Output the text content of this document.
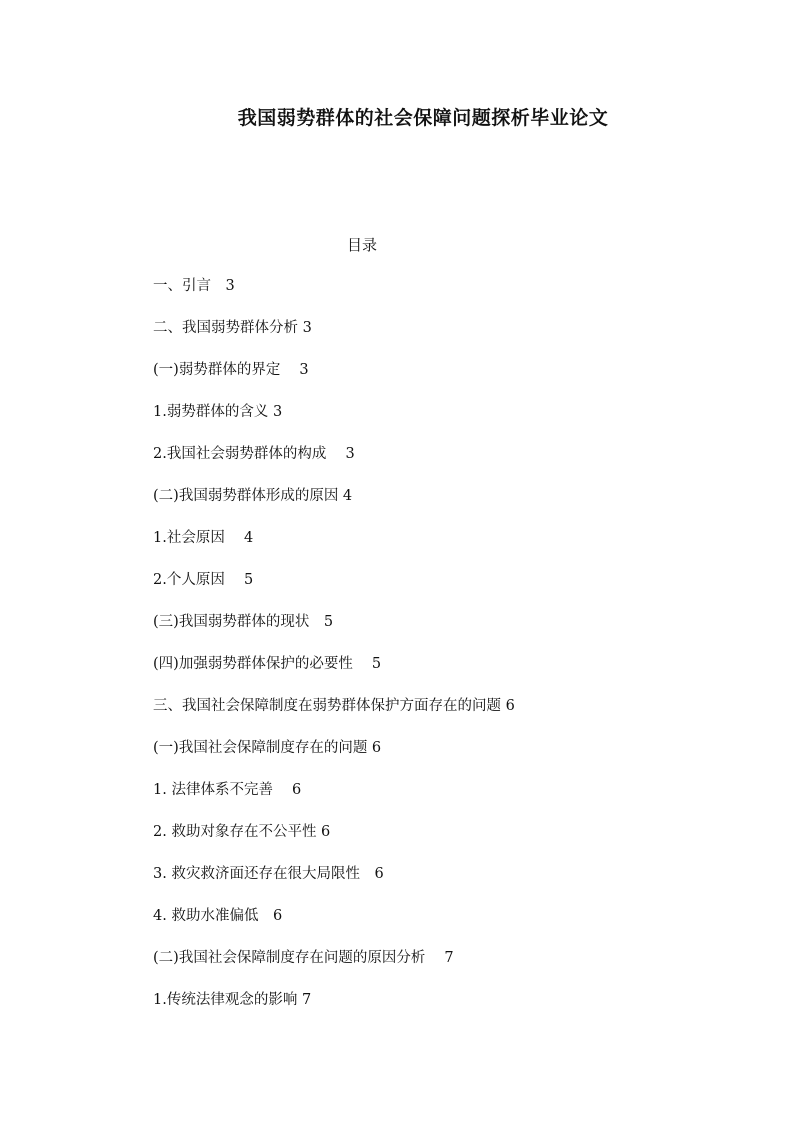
我国弱势群体的社会保障问题探析毕业论文
目录
一、引言　3
二、我国弱势群体分析 3
(一)弱势群体的界定　 3
1.弱势群体的含义 3
2.我国社会弱势群体的构成　 3
(二)我国弱势群体形成的原因 4
1.社会原因　 4
2.个人原因　 5
(三)我国弱势群体的现状　5
(四)加强弱势群体保护的必要性　 5
三、我国社会保障制度在弱势群体保护方面存在的问题 6
(一)我国社会保障制度存在的问题 6
1. 法律体系不完善　 6
2. 救助对象存在不公平性 6
3. 救灾救济面还存在很大局限性　6
4. 救助水准偏低　6
(二)我国社会保障制度存在问题的原因分析　 7
1.传统法律观念的影响 7
